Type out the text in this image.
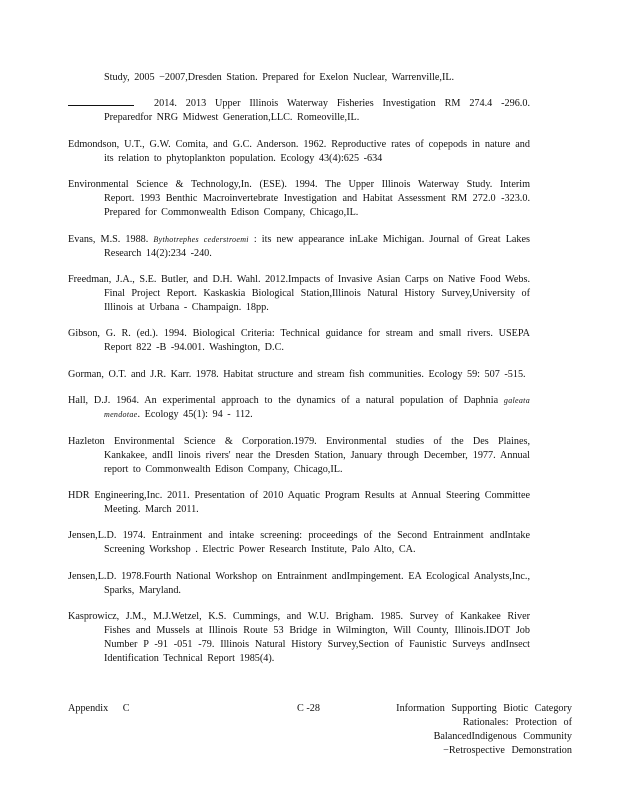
Study, 2005 −2007,Dresden Station. Prepared for Exelon Nuclear, Warrenville,IL.

2014. 2013 Upper Illinois Waterway Fisheries Investigation RM 274.4 -296.0. Preparedfor NRG Midwest Generation,LLC. Romeoville,IL.

Edmondson, U.T., G.W. Comita, and G.C. Anderson. 1962. Reproductive rates of copepods in nature and its relation to phytoplankton population. Ecology 43(4):625 -634

Environmental Science & Technology,In. (ESE). 1994. The Upper Illinois Waterway Study. Interim Report. 1993 Benthic Macroinvertebrate Investigation and Habitat Assessment RM 272.0 -323.0. Prepared for Commonwealth Edison Company, Chicago,IL.

Evans, M.S. 1988. Bythotrephes cederstroemi : its new appearance inLake Michigan. Journal of Great Lakes Research 14(2):234 -240.

Freedman, J.A., S.E. Butler, and D.H. Wahl. 2012.Impacts of Invasive Asian Carps on Native Food Webs. Final Project Report. Kaskaskia Biological Station,Illinois Natural History Survey,University of Illinois at Urbana - Champaign. 18pp.

Gibson, G. R. (ed.). 1994. Biological Criteria: Technical guidance for stream and small rivers. USEPA Report 822 -B -94.001. Washington, D.C.

Gorman, O.T. and J.R. Karr. 1978. Habitat structure and stream fish communities. Ecology 59: 507 -515.

Hall, D.J. 1964. An experimental approach to the dynamics of a natural population of Daphnia galeata mendotae. Ecology 45(1): 94 - 112.

Hazleton Environmental Science & Corporation.1979. Environmental studies of the Des Plaines, Kankakee, andIl linois rivers' near the Dresden Station, January through December, 1977. Annual report to Commonwealth Edison Company, Chicago,IL.

HDR Engineering,Inc. 2011. Presentation of 2010 Aquatic Program Results at Annual Steering Committee Meeting. March 2011.

Jensen,L.D. 1974. Entrainment and intake screening: proceedings of the Second Entrainment andIntake Screening Workshop . Electric Power Research Institute, Palo Alto, CA.

Jensen,L.D. 1978.Fourth National Workshop on Entrainment andImpingement. EA Ecological Analysts,Inc., Sparks, Maryland.

Kasprowicz, J.M., M.J.Wetzel, K.S. Cummings, and W.U. Brigham. 1985. Survey of Kankakee River Fishes and Mussels at Illinois Route 53 Bridge in Wilmington, Will County, Illinois.IDOT Job Number P -91 -051 -79. Illinois Natural History Survey,Section of Faunistic Surveys andInsect Identification Technical Report 1985(4).

Appendix C	C -28	Information Supporting Biotic Category Rationales: Protection of BalancedIndigenous Community −Retrospective Demonstration
